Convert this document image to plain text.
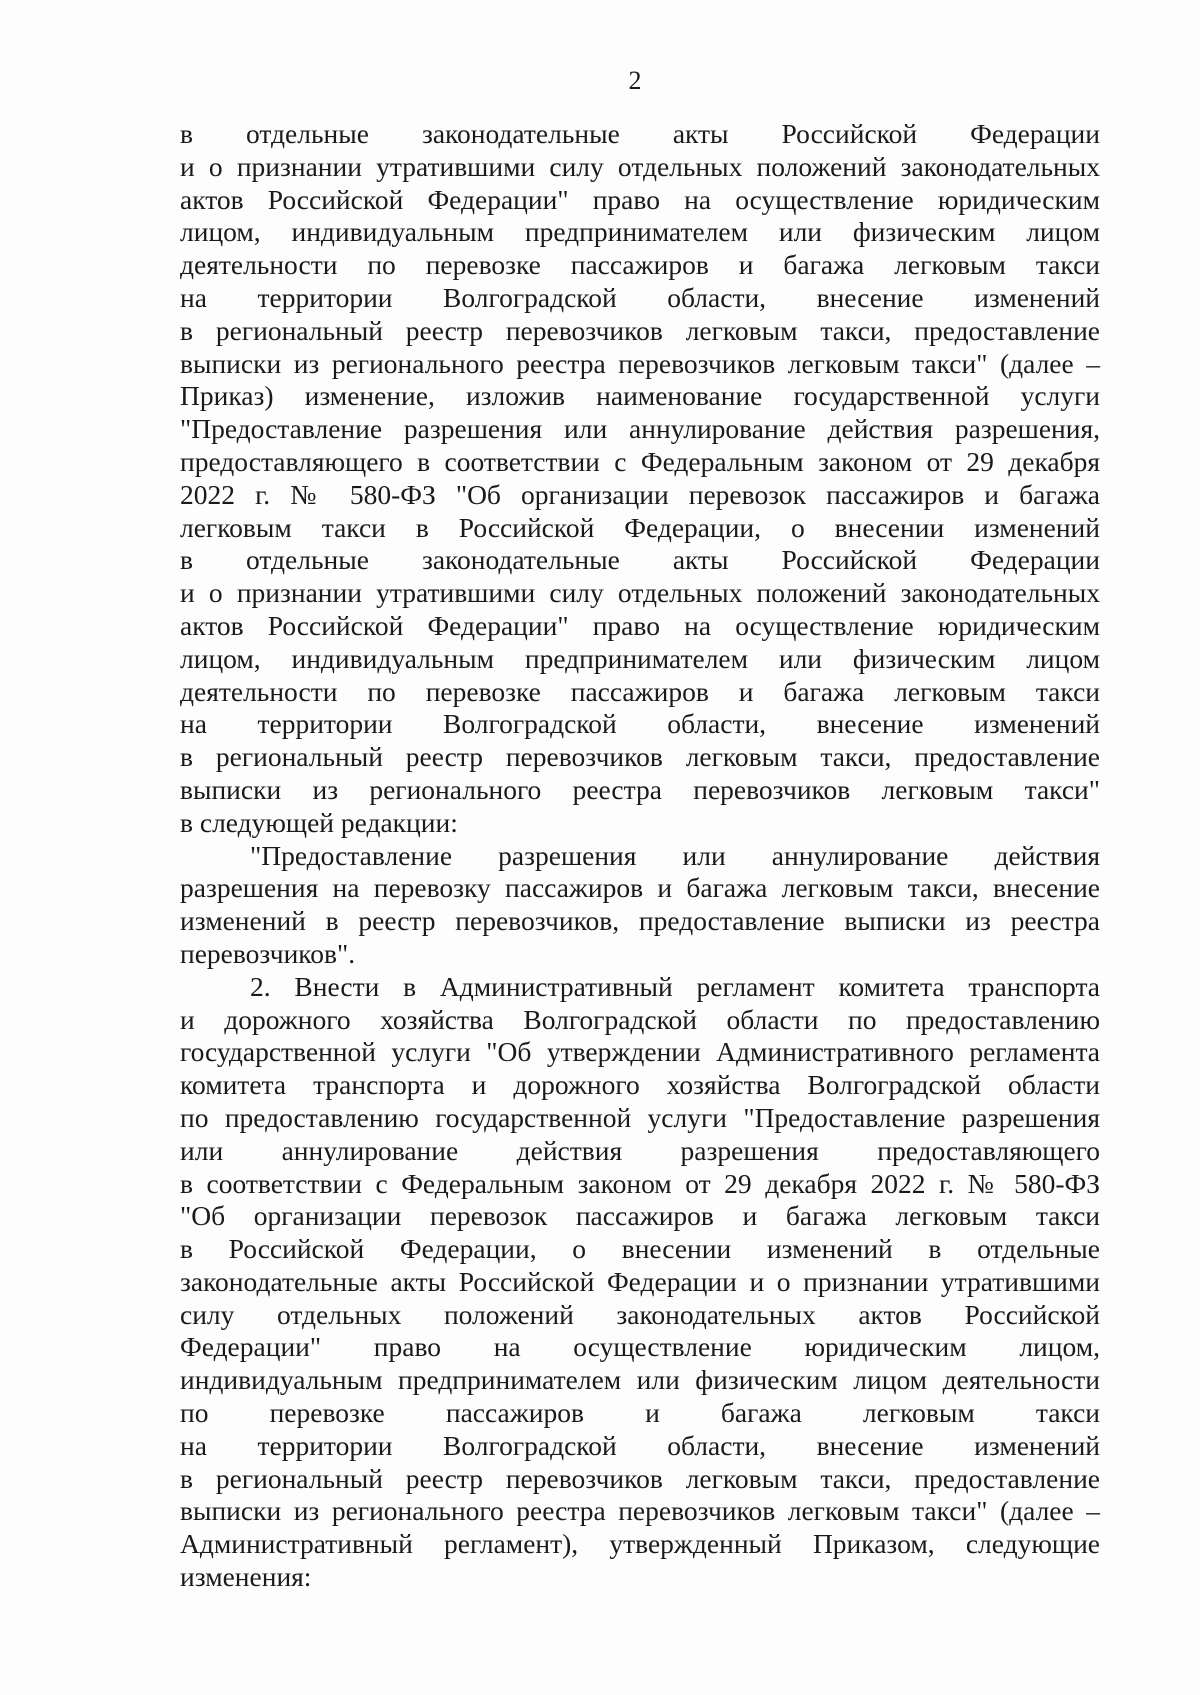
2

в отдельные законодательные акты Российской Федерации
и о признании утратившими силу отдельных положений законодательных
актов Российской Федерации" право на осуществление юридическим
лицом, индивидуальным предпринимателем или физическим лицом
деятельности по перевозке пассажиров и багажа легковым такси
на территории Волгоградской области, внесение изменений
в региональный реестр перевозчиков легковым такси, предоставление
выписки из регионального реестра перевозчиков легковым такси" (далее –
Приказ) изменение, изложив наименование государственной услуги
"Предоставление разрешения или аннулирование действия разрешения,
предоставляющего в соответствии с Федеральным законом от 29 декабря
2022 г. № 580-ФЗ "Об организации перевозок пассажиров и багажа
легковым такси в Российской Федерации, о внесении изменений
в отдельные законодательные акты Российской Федерации
и о признании утратившими силу отдельных положений законодательных
актов Российской Федерации" право на осуществление юридическим
лицом, индивидуальным предпринимателем или физическим лицом
деятельности по перевозке пассажиров и багажа легковым такси
на территории Волгоградской области, внесение изменений
в региональный реестр перевозчиков легковым такси, предоставление
выписки из регионального реестра перевозчиков легковым такси"
в следующей редакции:

"Предоставление разрешения или аннулирование действия
разрешения на перевозку пассажиров и багажа легковым такси, внесение
изменений в реестр перевозчиков, предоставление выписки из реестра
перевозчиков".

2. Внести в Административный регламент комитета транспорта
и дорожного хозяйства Волгоградской области по предоставлению
государственной услуги "Об утверждении Административного регламента
комитета транспорта и дорожного хозяйства Волгоградской области
по предоставлению государственной услуги "Предоставление разрешения
или аннулирование действия разрешения предоставляющего
в соответствии с Федеральным законом от 29 декабря 2022 г. № 580-ФЗ
"Об организации перевозок пассажиров и багажа легковым такси
в Российской Федерации, о внесении изменений в отдельные
законодательные акты Российской Федерации и о признании утратившими
силу отдельных положений законодательных актов Российской
Федерации" право на осуществление юридическим лицом,
индивидуальным предпринимателем или физическим лицом деятельности
по перевозке пассажиров и багажа легковым такси
на территории Волгоградской области, внесение изменений
в региональный реестр перевозчиков легковым такси, предоставление
выписки из регионального реестра перевозчиков легковым такси" (далее –
Административный регламент), утвержденный Приказом, следующие
изменения:
